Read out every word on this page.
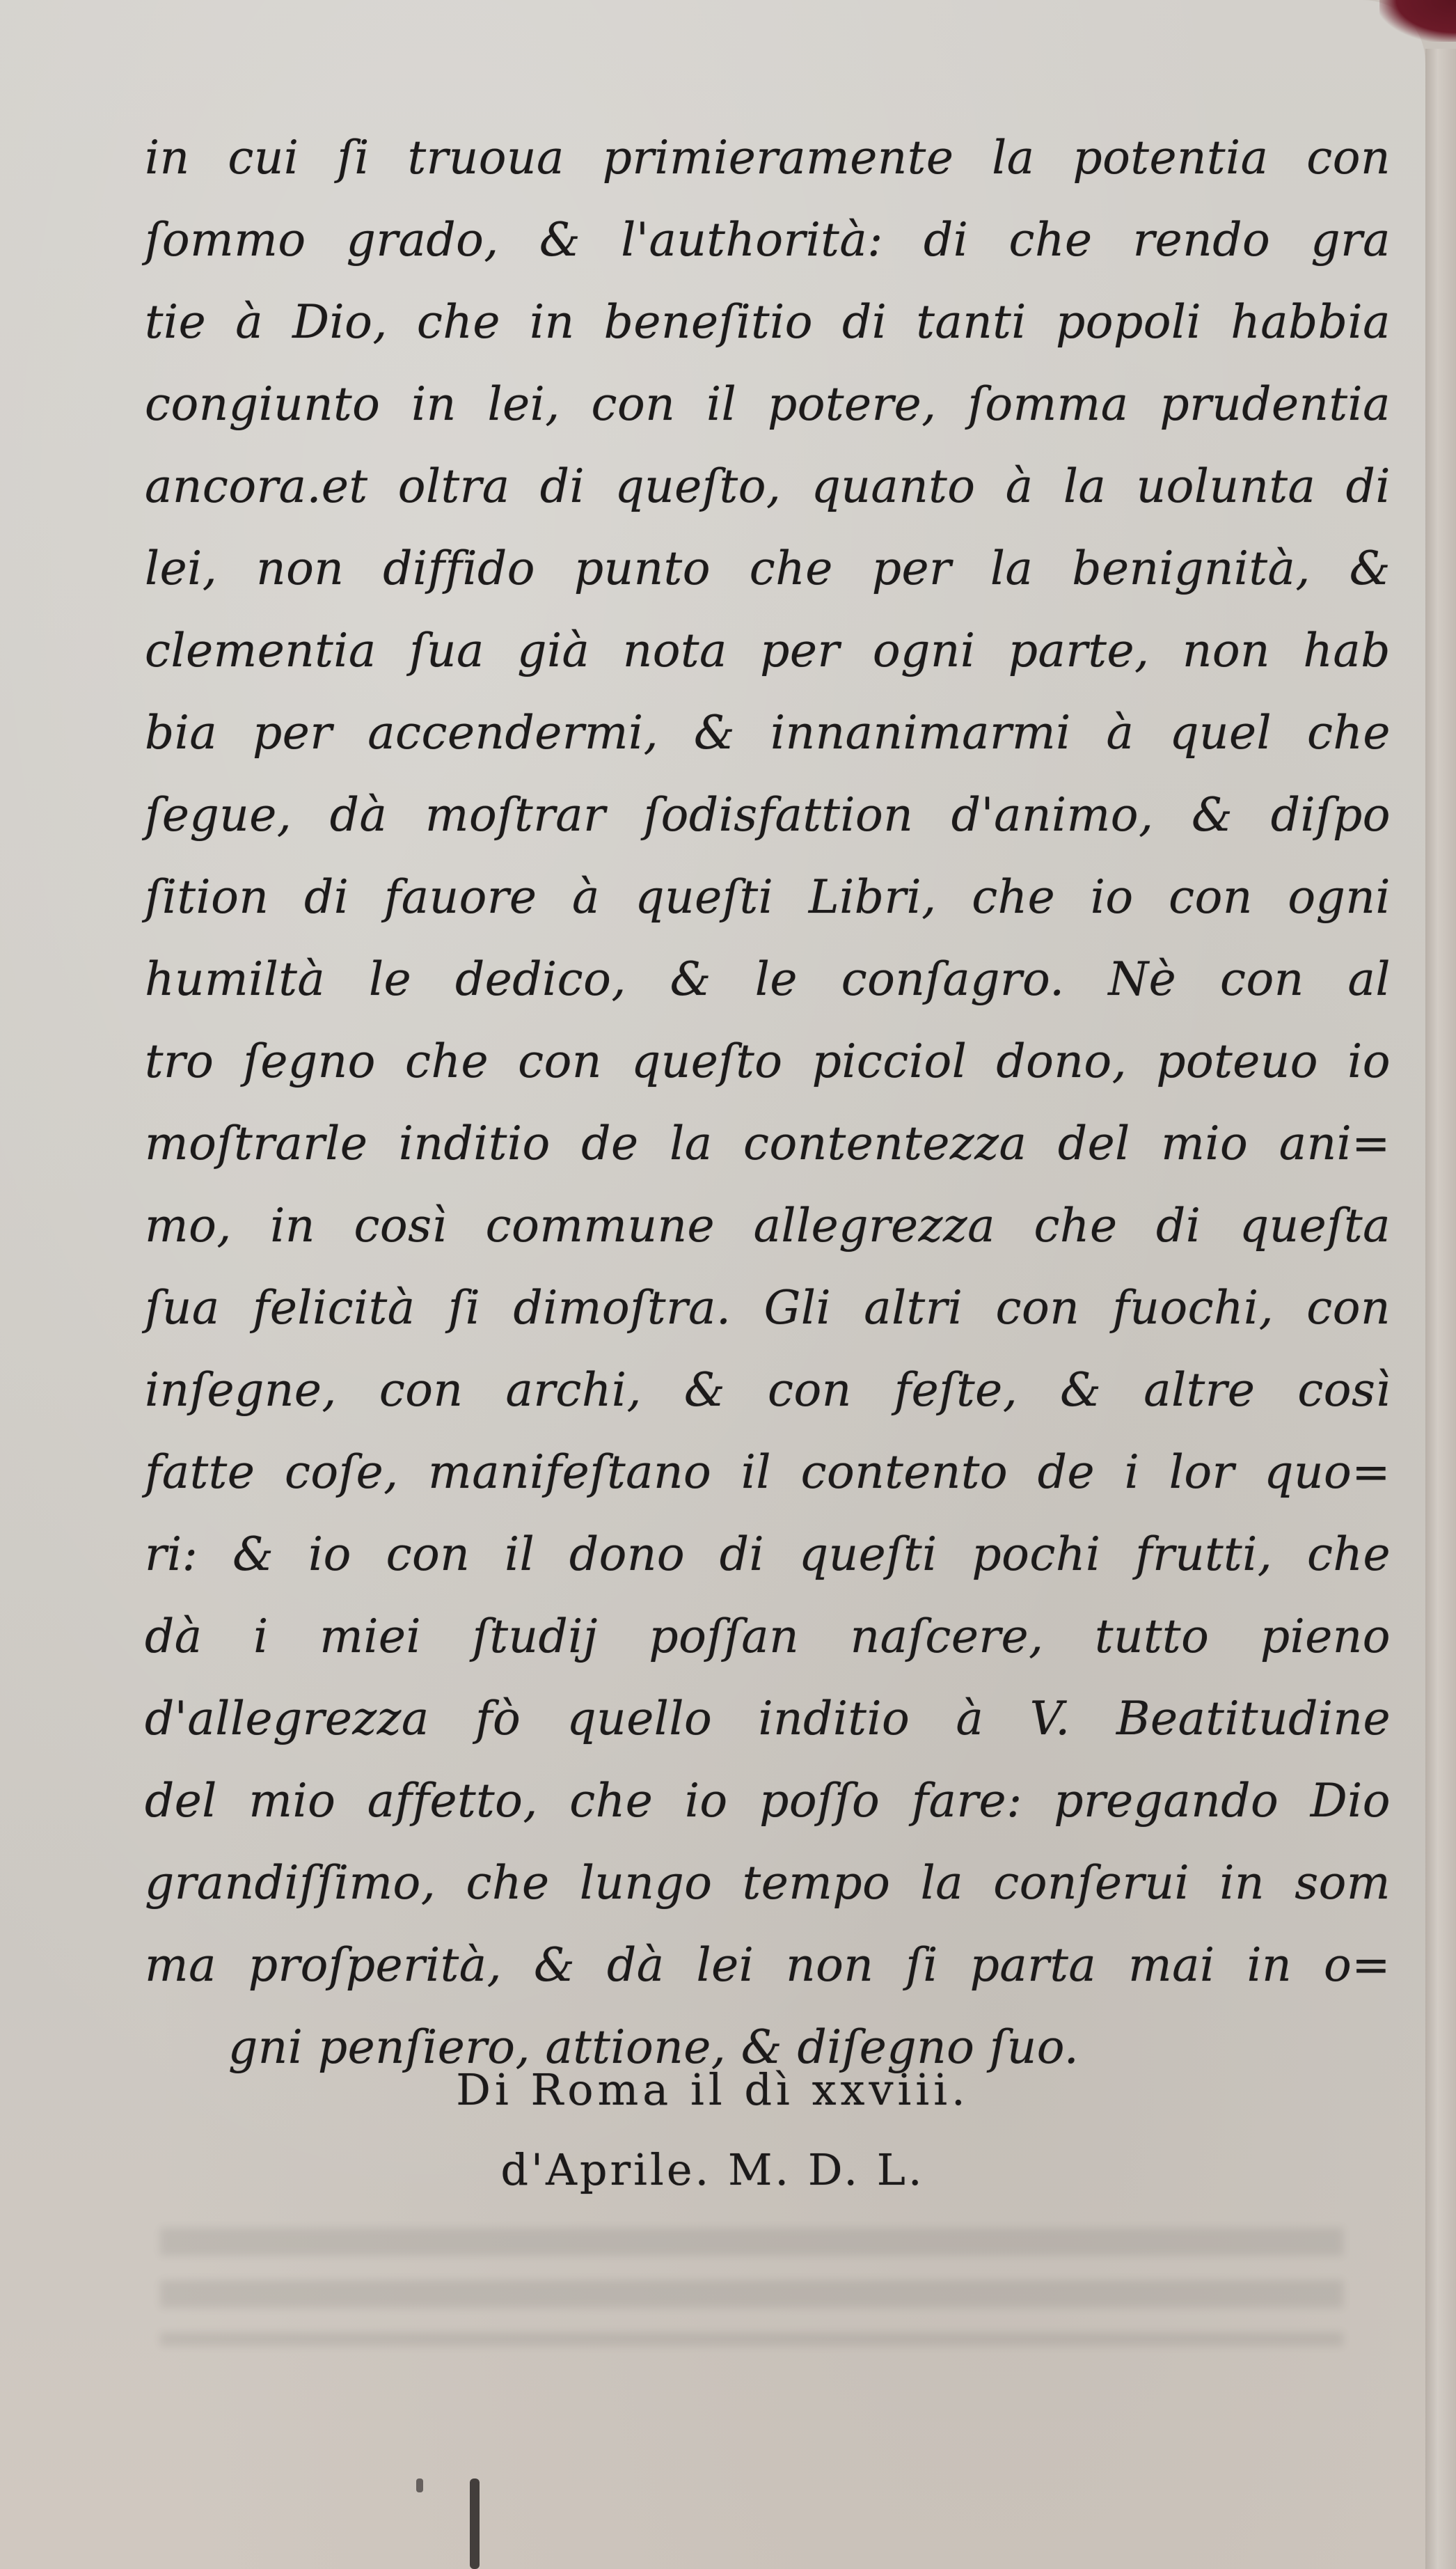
in cui ſi truoua primieramente la potentia con
ſommo grado, & l'authorità: di che rendo gra
tie à Dio, che in beneſitio di tanti popoli habbia
congiunto in lei, con il potere, ſomma prudentia
ancora.et oltra di queſto, quanto à la uolunta di
lei, non diffido punto che per la benignità, &
clementia ſua già nota per ogni parte, non hab
bia per accendermi, & innanimarmi à quel che
ſegue, dà moſtrar ſodisfattion d'animo, & diſpo
ſition di fauore à queſti Libri, che io con ogni
humiltà le dedico, & le conſagro. Nè con al
tro ſegno che con queſto picciol dono, poteuo io
moſtrarle inditio de la contentezza del mio ani=
mo, in così commune allegrezza che di queſta
ſua felicità ſi dimoſtra. Gli altri con fuochi, con
inſegne, con archi, & con feſte, & altre così
fatte coſe, manifeſtano il contento de i lor quo=
ri: & io con il dono di queſti pochi frutti, che
dà i miei ſtudij poſſan naſcere, tutto pieno
d'allegrezza fò quello inditio à V. Beatitudine
del mio affetto, che io poſſo fare: pregando Dio
grandiſſimo, che lungo tempo la conſerui in som
ma proſperità, & dà lei non ſi parta mai in o=
gni penſiero, attione, & diſegno ſuo.
Di Roma il dì xxviii.
d'Aprile. M. D. L.
